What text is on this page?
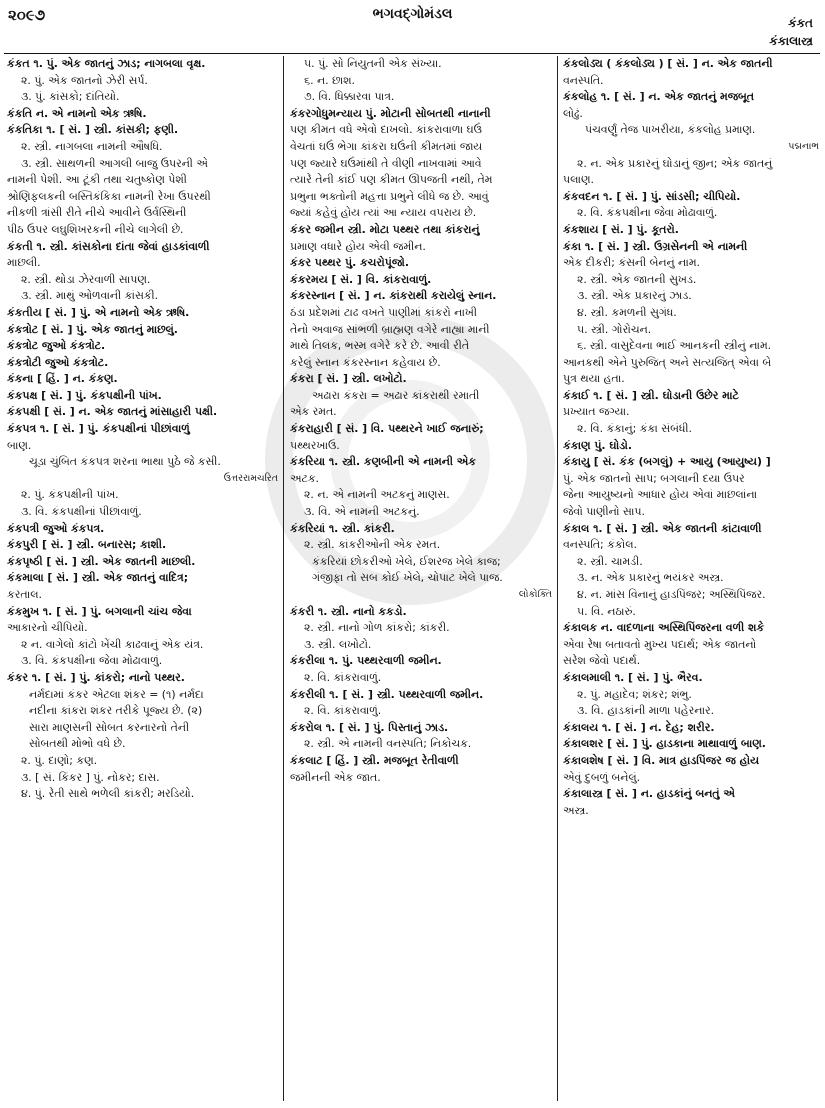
૨૦૯૭	ભગવદ્ગોમંડલ
કંકત
કંકાલાસ્ત્ર
કંકત ૧. પું. એક જાતનું ઝાડ; નાગબલા વૃક્ષ.
૨. પું. એક જાતનો ઝેરી સર્પ.
૩. પું. કાંસકો; દાંતિયો.
કંકતિ ન. એ નામનો એક ઋષિ.
કંકતિકા ૧. [ સં. ] સ્ત્રી. કાંસકી; ફણી.
૨. સ્ત્રી. નાગબલા નામની ઔષધિ.
૩. સ્ત્રી. સાથળની આગલી બાજુ ઉપરની એ
નામની પેશી. આ ટૂંકી તથા ચતુષ્કોણ પેશી
શ્રોણિફલકની બસ્તિકંકિકા નામની રેખા ઉપરથી
નીકળી ત્રાંસી રીતે નીચે આવીને ઉર્વસ્થિની
પીઠ ઉપર લઘુશિખરકની નીચે લાગેલી છે.
કંકતી ૧. સ્ત્રી. કાંસકોના દાંતા જેવાં હાડકાંવાળી
માછલી.
૨. સ્ત્રી. થોડા ઝેરવાળી સાપણ.
૩. સ્ત્રી. માથું ઓળવાની કાંસકી.
કંકતીય [ સં. ] પું. એ નામનો એક ઋષિ.
કંકત્રોટ [ સં. ] પું. એક જાતનું માછલું.
કંકત્રોટ જુઓ કંકત્રોટ.
કંકત્રોટી જુઓ કંકત્રોટ.
કંકના [ હિં. ] ન. કંકણ.
કંકપક્ષ [ સં. ] પું. કંકપક્ષીની પાંખ.
કંકપક્ષી [ સં. ] ન. એક જાતનું માંસાહારી પક્ષી.
કંકપત્ર ૧. [ સં. ] પું. કંકપક્ષીનાં પીછાંવાળું
બાણ.
ચૂડા ચુંબિત કંકપત્ર શરના ભાથા પુઠે જે કસી.
ઉત્તરરામચરિત
૨. પું. કંકપક્ષીની પાંખ.
૩. વિ. કંકપક્ષીનાં પીછાંવાળું.
કંકપત્રી જુઓ કંકપત્ર.
કંકપુરી [ સં. ] સ્ત્રી. બનારસ; કાશી.
કંકપૃષ્ઠી [ સં. ] સ્ત્રી. એક જાતની માછલી.
કંકમાલા [ સં. ] સ્ત્રી. એક જાતનું વાદિત્ર;
કરતાલ.
કંકમુખ ૧. [ સં. ] પું. બગલાની ચાંચ જેવા
આકારનો ચીપિયો.
૨ ન. વાગેલો કાંટો ખેંચી કાઢવાનું એક યંત્ર.
૩. વિ. કંકપક્ષીના જેવા મોઢાવાળું.
કંકર ૧. [ સં. ] પું. કાંકરો; નાનો પથ્થર.
નર્મદામાં કંકર એટલા શંકર = (૧) નર્મદા
નદીના કાંકરા શંકર તરીકે પૂજ્ય છે. (૨)
સારા માણસની સોબત કરનારનો તેની
સોબતથી મોભો વધે છે.
૨. પું. દાણો; કણ.
૩. [ સં. કિંકર ] પું. નોકર; દાસ.
૪. પું. રેતી સાથે ભળેલી કાંકરી; મરડિયો.
૫. પું. સો નિયુતની એક સંખ્યા.
૬. ન. છાશ.
૭. વિ. ધિક્કારવા પાત્ર.
કંકરગોધુમન્યાય પું. મોટાની સોબતથી નાનાની
પણ કીમત વધે એવો દાખલો. કાંકરાવાળા ઘઉં
વેચતાં ઘઉં ભેગા કાંકરા ઘઉંની કીમતમાં જાય
પણ જ્યારે ઘઉંમાંથી તે વીણી નાખવામાં આવે
ત્યારે તેની કાંઈ પણ કીમત ઊપજતી નથી, તેમ
પ્રભુના ભક્તોની મહત્તા પ્રભુને લીધે જ છે. આવું
જ્યાં કહેવું હોય ત્યાં આ ન્યાય વપરાય છે.
કંકર જમીન સ્ત્રી. મોટા પથ્થર તથા કાંકરાનું
પ્રમાણ વધારે હોય એવી જમીન.
કંકર પથ્થર પું. કચરોપૂંજો.
કંકરમય [ સં. ] વિ. કાંકરાવાળું.
કંકરસ્નાન [ સં. ] ન. કાંકરાથી કરાયેલું સ્નાન.
ઠંડા પ્રદેશમાં ટાઢ વખતે પાણીમાં કાંકરો નાખી
તેનો અવાજ સાંભળી બ્રાહ્મણ વગેરે નાહ્યા માની
માથે તિલક, ભસ્મ વગેરે કરે છે. આવી રીતે
કરેલું સ્નાન કંકરસ્નાન કહેવાય છે.
કંકરા [ સં. ] સ્ત્રી. લખોટો.
અઢારા કંકરા = અઢાર કાંકરાથી રમાતી
એક રમત.
કંકરાહારી [ સં. ] વિ. પથ્થરને ખાઈ જનારું;
પથ્થરખાઉ.
કંકરિયા ૧. સ્ત્રી. કણબીની એ નામની એક
અટક.
૨. ન. એ નામની અટકનું માણસ.
૩. વિ. એ નામની અટકનું.
કંકરિયાં ૧. સ્ત્રી. કાંકરી.
૨. સ્ત્રી. કાંકરીઓની એક રમત.
કંકરિયાં છોકરીઓ ખેલે, ઈશરજ ખેલે કાજ;
ગંજીફા તો સબ કોઈ ખેલે, ચોપાટ ખેલે પાજ.
લોકોક્તિ
કંકરી ૧. સ્ત્રી. નાનો કકડો.
૨. સ્ત્રી. નાનો ગોળ કાંકરો; કાંકરી.
૩. સ્ત્રી. લખોટો.
કંકરીલા ૧. પું. પથ્થરવાળી જમીન.
૨. વિ. કાંકરાવાળું.
કંકરીલી ૧. [ સં. ] સ્ત્રી. પથ્થરવાળી જમીન.
૨. વિ. કાંકરાવાળું.
કંકરોલ ૧. [ સં. ] પું. પિસ્તાનું ઝાડ.
૨. સ્ત્રી. એ નામની વનસ્પતિ; નિકોચક.
કંકલાટ [ હિં. ] સ્ત્રી. મજબૂત રેતીવાળી
જમીનની એક જાત.
કંકલોડ્ય ( કંકલોડ્ય ) [ સં. ] ન. એક જાતની
વનસ્પતિ.
કંકલોહ ૧. [ સં. ] ન. એક જાતનું મજબૂત
લોઢું.
પંચવર્ણું તેજ પાખરીયા, કંકલોહ પ્રમાણ.
પદ્મનાભ
૨. ન. એક પ્રકારનું ઘોડાનું જીન; એક જાતનું
પલાણ.
કંકવદન ૧. [ સં. ] પું. સાંડસી; ચીપિયો.
૨. વિ. કંકપક્ષીના જેવા મોઢાવાળું.
કંકશાય [ સં. ] પું. કૂતરો.
કંકા ૧. [ સં. ] સ્ત્રી. ઉગ્રસેનની એ નામની
એક દીકરી; કંસની બેનનું નામ.
૨. સ્ત્રી. એક જાતની સુખડ.
૩. સ્ત્રી. એક પ્રકારનું ઝાડ.
૪. સ્ત્રી. કમળની સુગંધ.
૫. સ્ત્રી. ગોરોચન.
૬. સ્ત્રી. વાસુદેવના ભાઈ આનકની સ્ત્રીનું નામ.
આનકથી એને પુરુજિત્ અને સત્યજિત્ એવા બે
પુત્ર થયા હતા.
કંકાઈ ૧. [ સં. ] સ્ત્રી. ઘોડાની ઉછેર માટે
પ્રખ્યાત જગ્યા.
૨. વિ. કંકાનું; કંકા સંબંધી.
કંકાણ પું. ઘોડો.
કંકાયુ [ સં. કંક (બગલું) + આયુ (આયુષ્ય) ]
પું. એક જાતનો સાપ; બગલાની દયા ઉપર
જેના આયુષ્યનો આધાર હોય એવાં માછલાંના
જેવો પાણીનો સાપ.
કંકાલ ૧. [ સં. ] સ્ત્રી. એક જાતની કાંટાવાળી
વનસ્પતિ; કંકોલ.
૨. સ્ત્રી. ચામડી.
૩. ન. એક પ્રકારનું ભયંકર અસ્ત્ર.
૪. ન. માંસ વિનાનું હાડપિંજર; અસ્થિપિંજર.
૫. વિ. નઠારું.
કંકાલક ન. વાદળાના અસ્થિપિંજરના વળી શકે
એવા રેષા બતાવતો મુખ્ય પદાર્થ; એક જાતનો
સરેશ જેવો પદાર્થ.
કંકાલમાલી ૧. [ સં. ] પું. ભૈરવ.
૨. પું. મહાદેવ; શંકર; શંભુ.
૩. વિ. હાડકાંની માળા પહેરનાર.
કંકાલય ૧. [ સં. ] ન. દેહ; શરીર.
કંકાલશર [ સં. ] પું. હાડકાના માથાવાળું બાણ.
કંકાલશેષ [ સં. ] વિ. માત્ર હાડપિંજર જ હોય
એવું દુબળું બનેલું.
કંકાલાસ્ત્ર [ સં. ] ન. હાડકાંનું બનતું એ
અસ્ત્ર.
